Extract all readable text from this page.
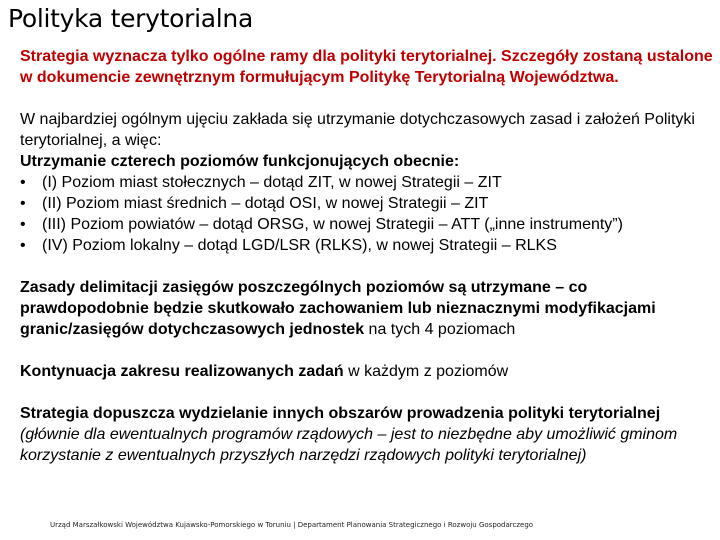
Polityka terytorialna

Strategia wyznacza tylko ogólne ramy dla polityki terytorialnej. Szczegóły zostaną ustalone w dokumencie zewnętrznym formułującym Politykę Terytorialną Województwa.

W najbardziej ogólnym ujęciu zakłada się utrzymanie dotychczasowych zasad i założeń Polityki terytorialnej, a więc:

Utrzymanie czterech poziomów funkcjonujących obecnie:

• (I) Poziom miast stołecznych – dotąd ZIT, w nowej Strategii – ZIT
• (II) Poziom miast średnich – dotąd OSI, w nowej Strategii – ZIT
• (III) Poziom powiatów – dotąd ORSG, w nowej Strategii – ATT („inne instrumenty”)
• (IV) Poziom lokalny – dotąd LGD/LSR (RLKS), w nowej Strategii – RLKS

Zasady delimitacji zasięgów poszczególnych poziomów są utrzymane – co prawdopodobnie będzie skutkowało zachowaniem lub nieznacznymi modyfikacjami granic/zasięgów dotychczasowych jednostek na tych 4 poziomach

Kontynuacja zakresu realizowanych zadań w każdym z poziomów

Strategia dopuszcza wydzielanie innych obszarów prowadzenia polityki terytorialnej (głównie dla ewentualnych programów rządowych – jest to niezbędne aby umożliwić gminom korzystanie z ewentualnych przyszłych narzędzi rządowych polityki terytorialnej)

Urząd Marszałkowski Województwa Kujawsko-Pomorskiego w Toruniu | Departament Planowania Strategicznego i Rozwoju Gospodarczego
